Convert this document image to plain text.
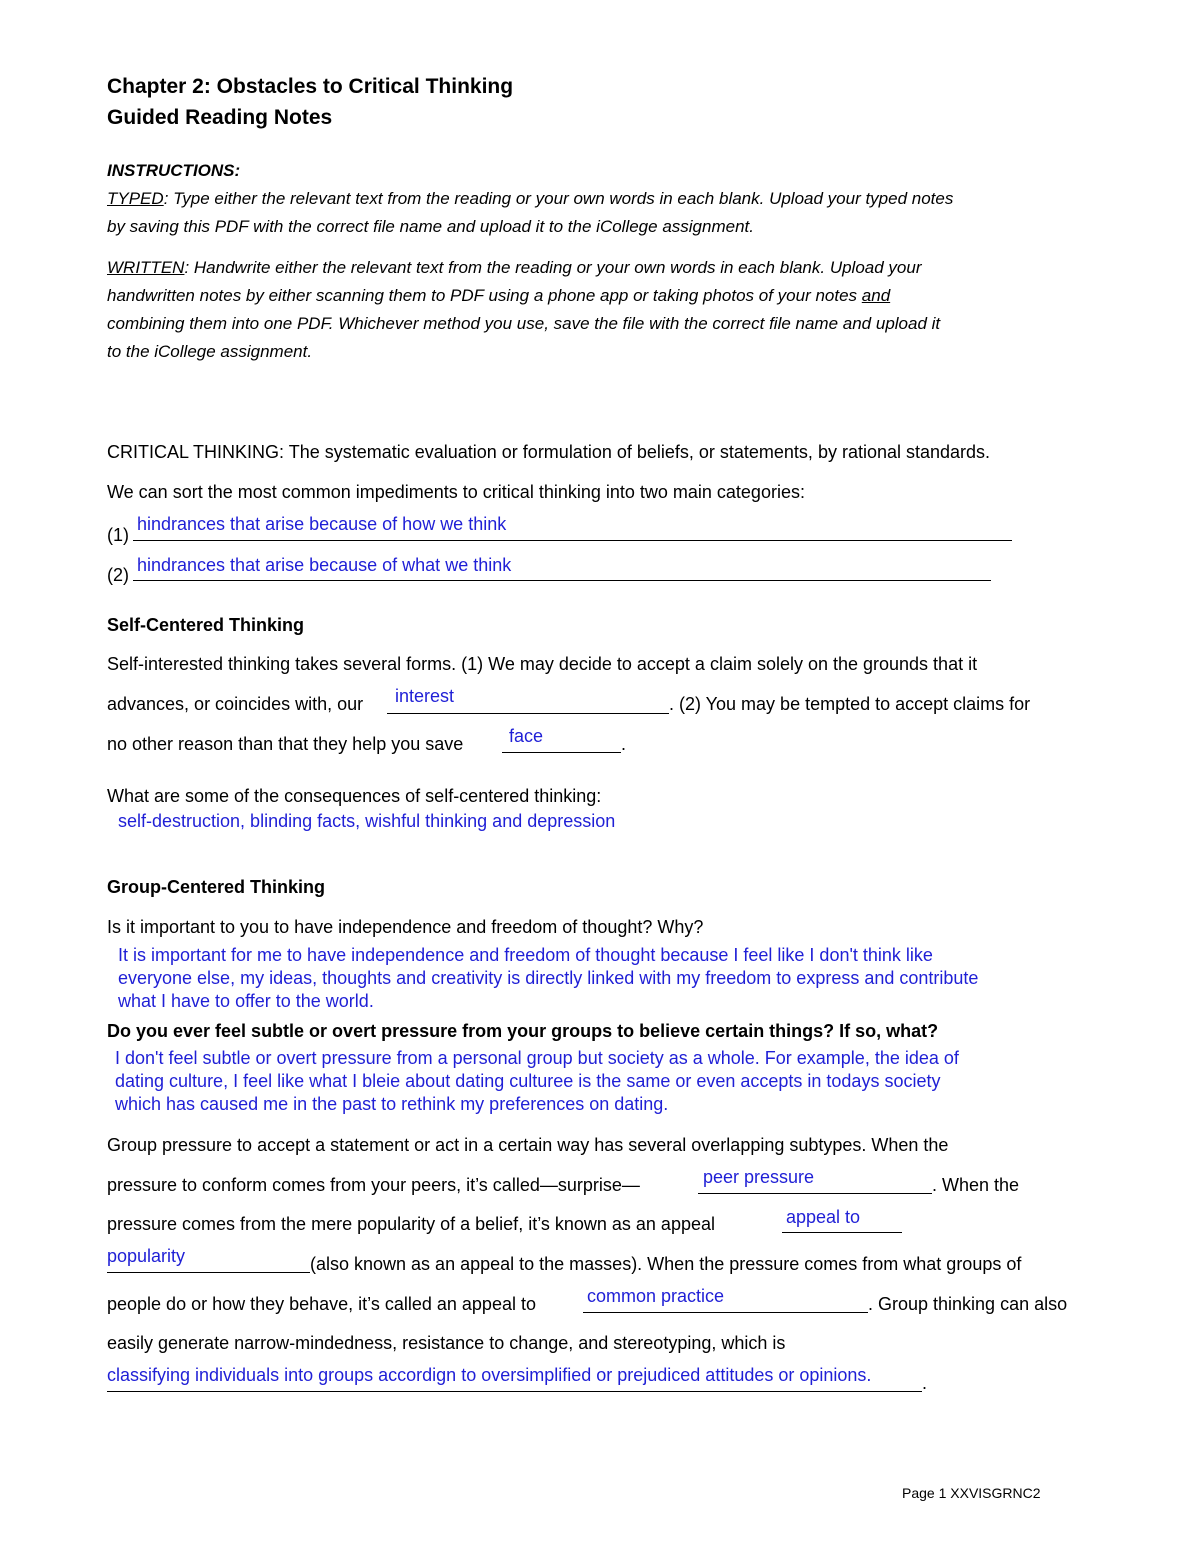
Chapter 2: Obstacles to Critical Thinking
Guided Reading Notes
INSTRUCTIONS:
TYPED: Type either the relevant text from the reading or your own words in each blank. Upload your typed notes
by saving this PDF with the correct file name and upload it to the iCollege assignment.
WRITTEN: Handwrite either the relevant text from the reading or your own words in each blank. Upload your
handwritten notes by either scanning them to PDF using a phone app or taking photos of your notes and
combining them into one PDF. Whichever method you use, save the file with the correct file name and upload it
to the iCollege assignment.
CRITICAL THINKING: The systematic evaluation or formulation of beliefs, or statements, by rational standards.
We can sort the most common impediments to critical thinking into two main categories:
(1)
hindrances that arise because of how we think
(2) hindrances that arise because of what we think
Self-Centered Thinking
Self-interested thinking takes several forms. (1) We may decide to accept a claim solely on the grounds that it
advances, or coincides with, our interest	. (2) You may be tempted to accept claims for
no other reason than that they help you save	face	.
What are some of the consequences of self-centered thinking:
self-destruction, blinding facts, wishful thinking and depression
Group-Centered Thinking
Is it important to you to have independence and freedom of thought? Why?
It is important for me to have independence and freedom of thought because I feel like I don't think like
everyone else, my ideas, thoughts and creativity is directly linked with my freedom to express and contribute
what I have to offer to the world.
Do you ever feel subtle or overt pressure from your groups to believe certain things? If so, what?
I don't feel subtle or overt pressure from a personal group but society as a whole. For example, the idea of
dating culture, I feel like what I bleie about dating culturee is the same or even accepts in todays society
which has caused me in the past to rethink my preferences on dating.
Group pressure to accept a statement or act in a certain way has several overlapping subtypes. When the
pressure to conform comes from your peers, it’s called—surprise—	peer pressure	. When the
pressure comes from the mere popularity of a belief, it’s known as an appeal	appeal to
popularity	(also known as an appeal to the masses). When the pressure comes from what groups of
people do or how they behave, it’s called an appeal to	common practice	. Group thinking can also
easily generate narrow-mindedness, resistance to change, and stereotyping, which is
classifying individuals into groups accordign to oversimplified or prejudiced attitudes or opinions.	.
Page 1 XXVISGRNC2
